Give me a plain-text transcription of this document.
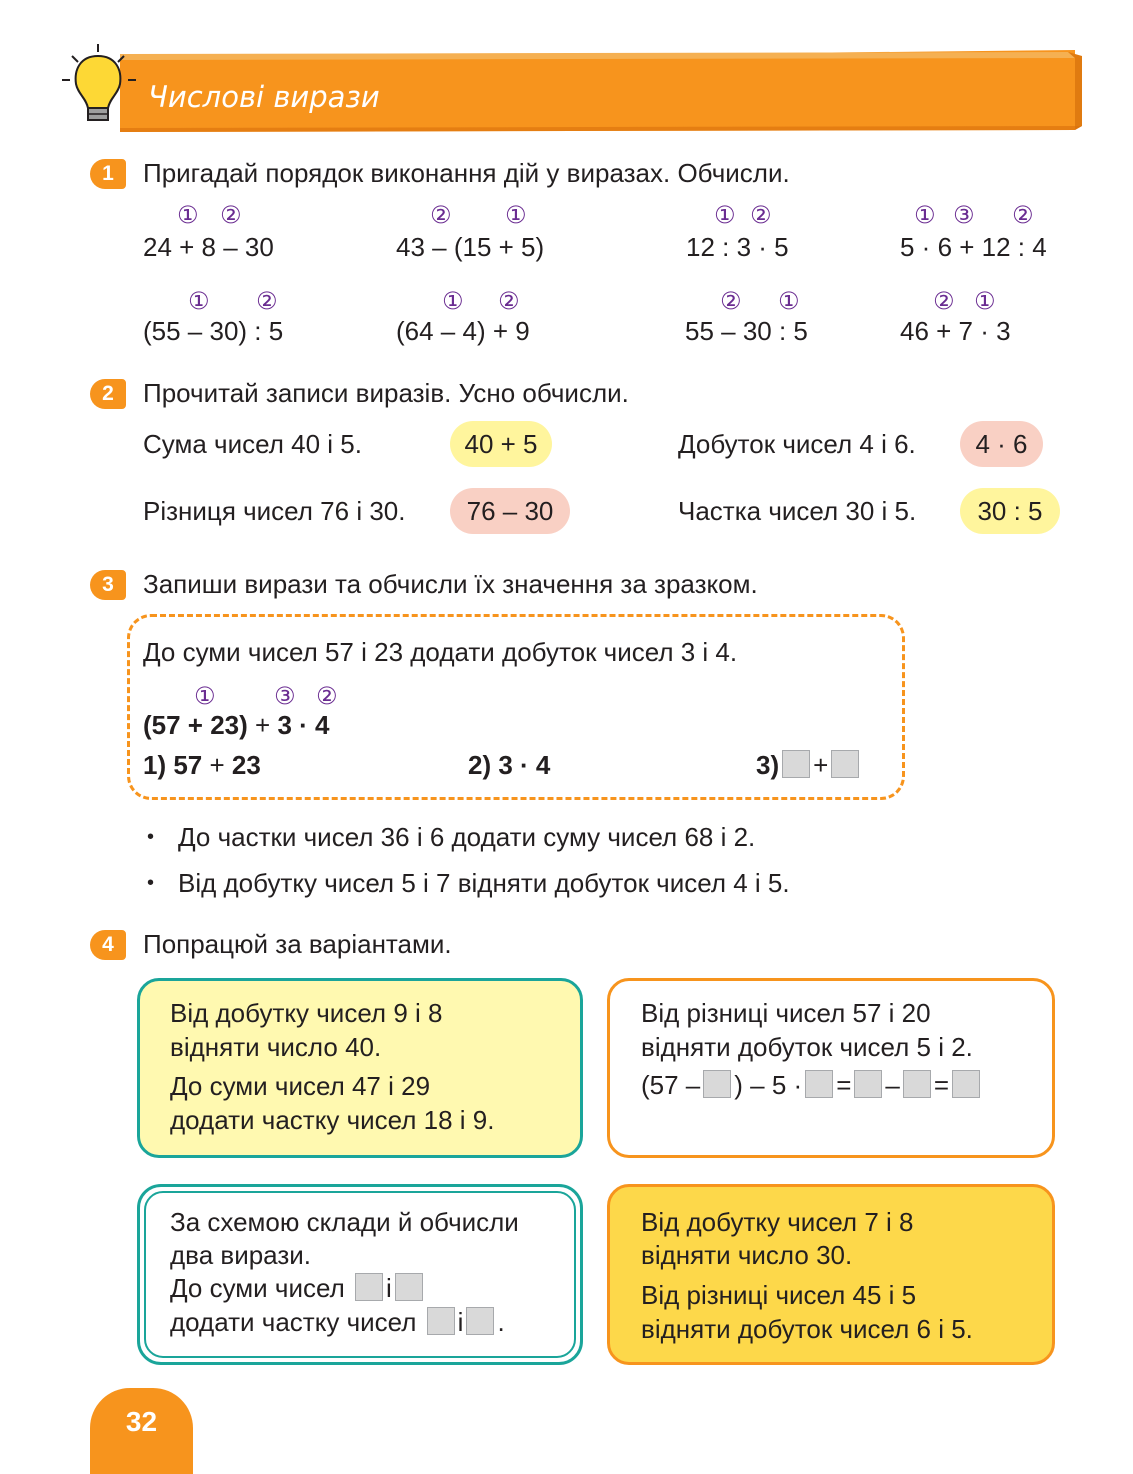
Числові вирази
1	Пригадай порядок виконання дій у виразах. Обчисли.
① ②
24 + 8 – 30
② ①
43 – (15 + 5)
① ②
12 : 3 · 5
① ③ ②
5 · 6 + 12 : 4
① ②
(55 – 30) : 5
① ②
(64 – 4) + 9
② ①
55 – 30 : 5
② ①
46 + 7 · 3
2	Прочитай записи виразів. Усно обчисли.
Сума чисел 40 і 5.	40 + 5	Добуток чисел 4 і 6.	4 · 6
Різниця чисел 76 і 30.	76 – 30	Частка чисел 30 і 5.	30 : 5
3	Запиши вирази та обчисли їх значення за зразком.
До суми чисел 57 і 23 додати добуток чисел 3 і 4.
① ③ ②
(57 + 23) + 3 · 4
1) 57 + 23	2) 3 · 4	3) +
• До частки чисел 36 і 6 додати суму чисел 68 і 2.
• Від добутку чисел 5 і 7 відняти добуток чисел 4 і 5.
4	Попрацюй за варіантами.
Від добутку чисел 9 і 8
відняти число 40.
До суми чисел 47 і 29
додати частку чисел 18 і 9.
Від різниці чисел 57 і 20
відняти добуток чисел 5 і 2.
(57 – ) – 5 · = – =
За схемою склади й обчисли
два вирази.
До суми чисел і
додати частку чисел і .
Від добутку чисел 7 і 8
відняти число 30.
Від різниці чисел 45 і 5
відняти добуток чисел 6 і 5.
32
